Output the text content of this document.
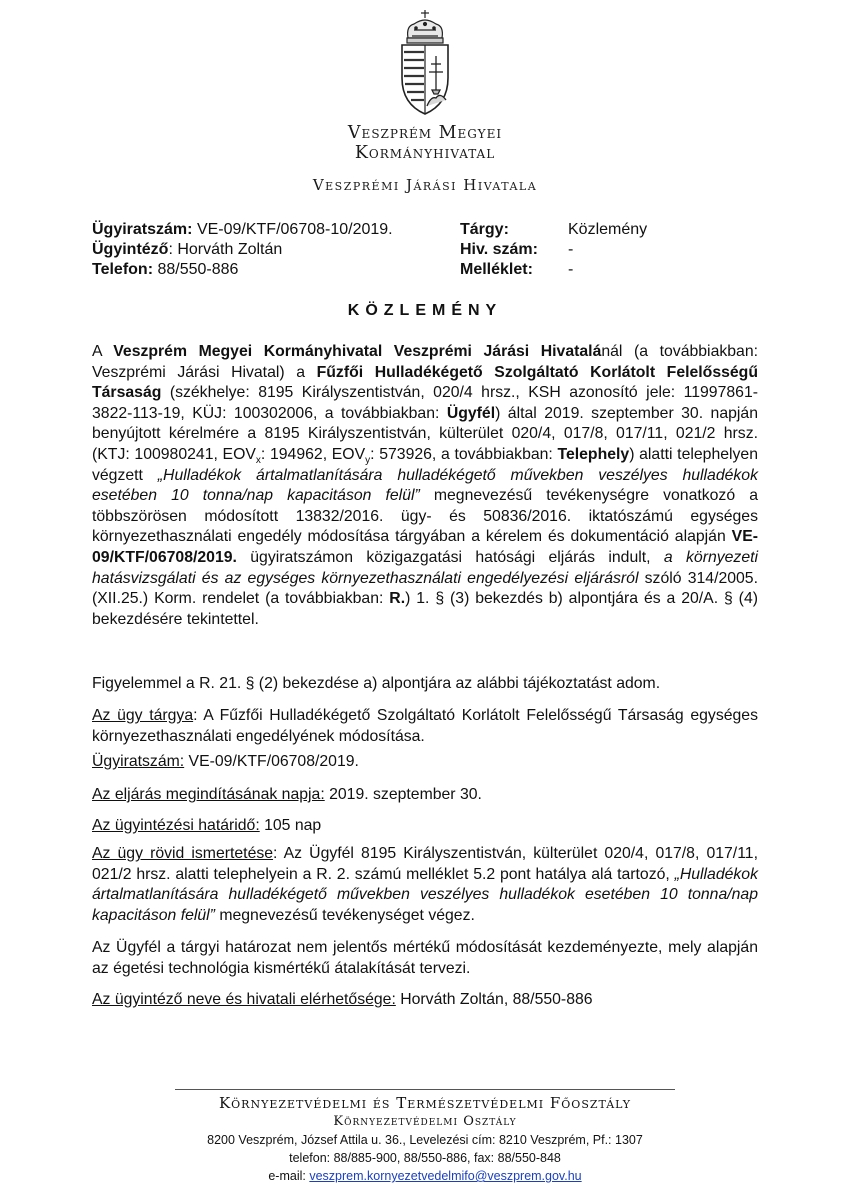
Veszprém Megyei
Kormányhivatal
Veszprémi Járási Hivatala
Ügyiratszám: VE-09/KTF/06708-10/2019.
Ügyintéző: Horváth Zoltán
Telefon: 88/550-886
Tárgy:	Közlemény
Hiv. szám:	-
Melléklet:	-
KÖZLEMÉNY
A Veszprém Megyei Kormányhivatal Veszprémi Járási Hivatalánál (a továbbiakban: Veszprémi Járási Hivatal) a Fűzfői Hulladékégető Szolgáltató Korlátolt Felelősségű Társaság (székhelye: 8195 Királyszentistván, 020/4 hrsz., KSH azonosító jele: 11997861-3822-113-19, KÜJ: 100302006, a továbbiakban: Ügyfél) által 2019. szeptember 30. napján benyújtott kérelmére a 8195 Királyszentistván, külterület 020/4, 017/8, 017/11, 021/2 hrsz. (KTJ: 100980241, $EOV_x$: 194962, $EOV_y$: 573926, a továbbiakban: Telephely) alatti telephelyen végzett „Hulladékok ártalmatlanítására hulladékégető művekben veszélyes hulladékok esetében 10 tonna/nap kapacitáson felül” megnevezésű tevékenységre vonatkozó a többszörösen módosított 13832/2016. ügy- és 50836/2016. iktatószámú egységes környezethasználati engedély módosítása tárgyában a kérelem és dokumentáció alapján VE-09/KTF/06708/2019. ügyiratszámon közigazgatási hatósági eljárás indult, a környezeti hatásvizsgálati és az egységes környezethasználati engedélyezési eljárásról szóló 314/2005.(XII.25.) Korm. rendelet (a továbbiakban: R.) 1. § (3) bekezdés b) alpontjára és a 20/A. § (4) bekezdésére tekintettel.
Figyelemmel a R. 21. § (2) bekezdése a) alpontjára az alábbi tájékoztatást adom.
Az ügy tárgya: A Fűzfői Hulladékégető Szolgáltató Korlátolt Felelősségű Társaság egységes környezethasználati engedélyének módosítása.
Ügyiratszám: VE-09/KTF/06708/2019.
Az eljárás megindításának napja: 2019. szeptember 30.
Az ügyintézési határidő: 105 nap
Az ügy rövid ismertetése: Az Ügyfél 8195 Királyszentistván, külterület 020/4, 017/8, 017/11, 021/2 hrsz. alatti telephelyein a R. 2. számú melléklet 5.2 pont hatálya alá tartozó, „Hulladékok ártalmatlanítására hulladékégető művekben veszélyes hulladékok esetében 10 tonna/nap kapacitáson felül” megnevezésű tevékenységet végez.
Az Ügyfél a tárgyi határozat nem jelentős mértékű módosítását kezdeményezte, mely alapján az égetési technológia kismértékű átalakítását tervezi.
Az ügyintéző neve és hivatali elérhetősége: Horváth Zoltán, 88/550-886
Környezetvédelmi és Természetvédelmi Főosztály
Környezetvédelmi Osztály
8200 Veszprém, József Attila u. 36., Levelezési cím: 8210 Veszprém, Pf.: 1307
telefon: 88/885-900, 88/550-886, fax: 88/550-848
e-mail: veszprem.kornyezetvedelmifo@veszprem.gov.hu
